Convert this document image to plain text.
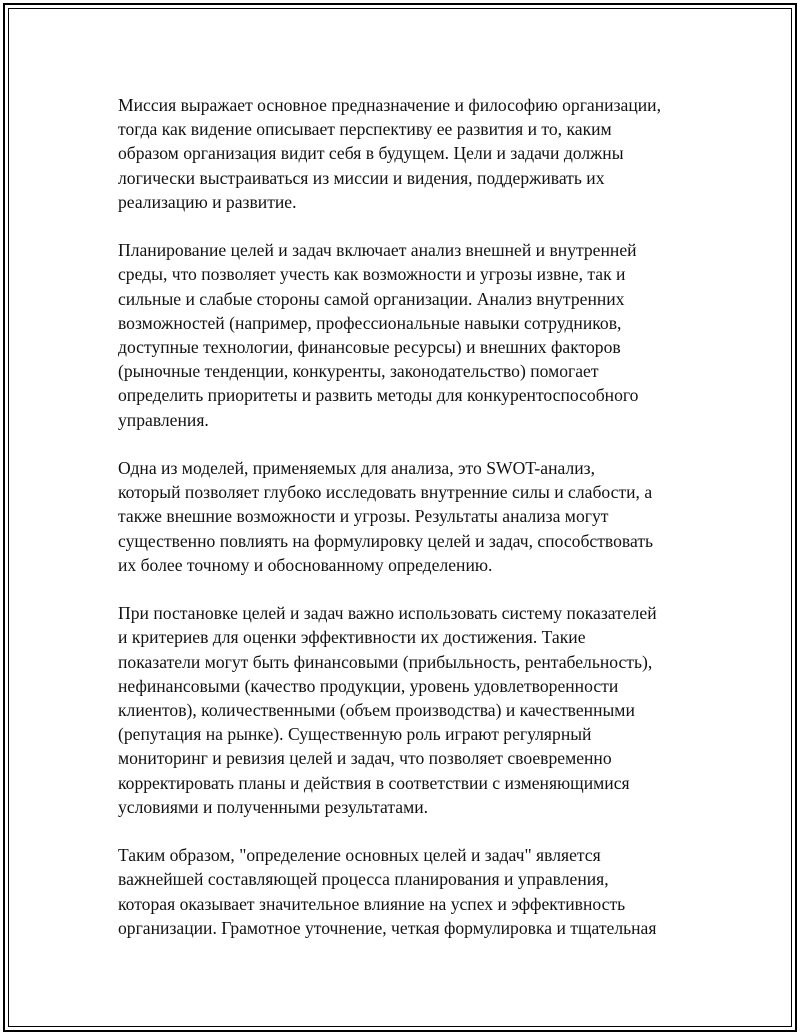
Миссия выражает основное предназначение и философию организации,
тогда как видение описывает перспективу ее развития и то, каким
образом организация видит себя в будущем. Цели и задачи должны
логически выстраиваться из миссии и видения, поддерживать их
реализацию и развитие.

Планирование целей и задач включает анализ внешней и внутренней
среды, что позволяет учесть как возможности и угрозы извне, так и
сильные и слабые стороны самой организации. Анализ внутренних
возможностей (например, профессиональные навыки сотрудников,
доступные технологии, финансовые ресурсы) и внешних факторов
(рыночные тенденции, конкуренты, законодательство) помогает
определить приоритеты и развить методы для конкурентоспособного
управления.

Одна из моделей, применяемых для анализа, это SWOT-анализ,
который позволяет глубоко исследовать внутренние силы и слабости, а
также внешние возможности и угрозы. Результаты анализа могут
существенно повлиять на формулировку целей и задач, способствовать
их более точному и обоснованному определению.

При постановке целей и задач важно использовать систему показателей
и критериев для оценки эффективности их достижения. Такие
показатели могут быть финансовыми (прибыльность, рентабельность),
нефинансовыми (качество продукции, уровень удовлетворенности
клиентов), количественными (объем производства) и качественными
(репутация на рынке). Существенную роль играют регулярный
мониторинг и ревизия целей и задач, что позволяет своевременно
корректировать планы и действия в соответствии с изменяющимися
условиями и полученными результатами.

Таким образом, "определение основных целей и задач" является
важнейшей составляющей процесса планирования и управления,
которая оказывает значительное влияние на успех и эффективность
организации. Грамотное уточнение, четкая формулировка и тщательная
